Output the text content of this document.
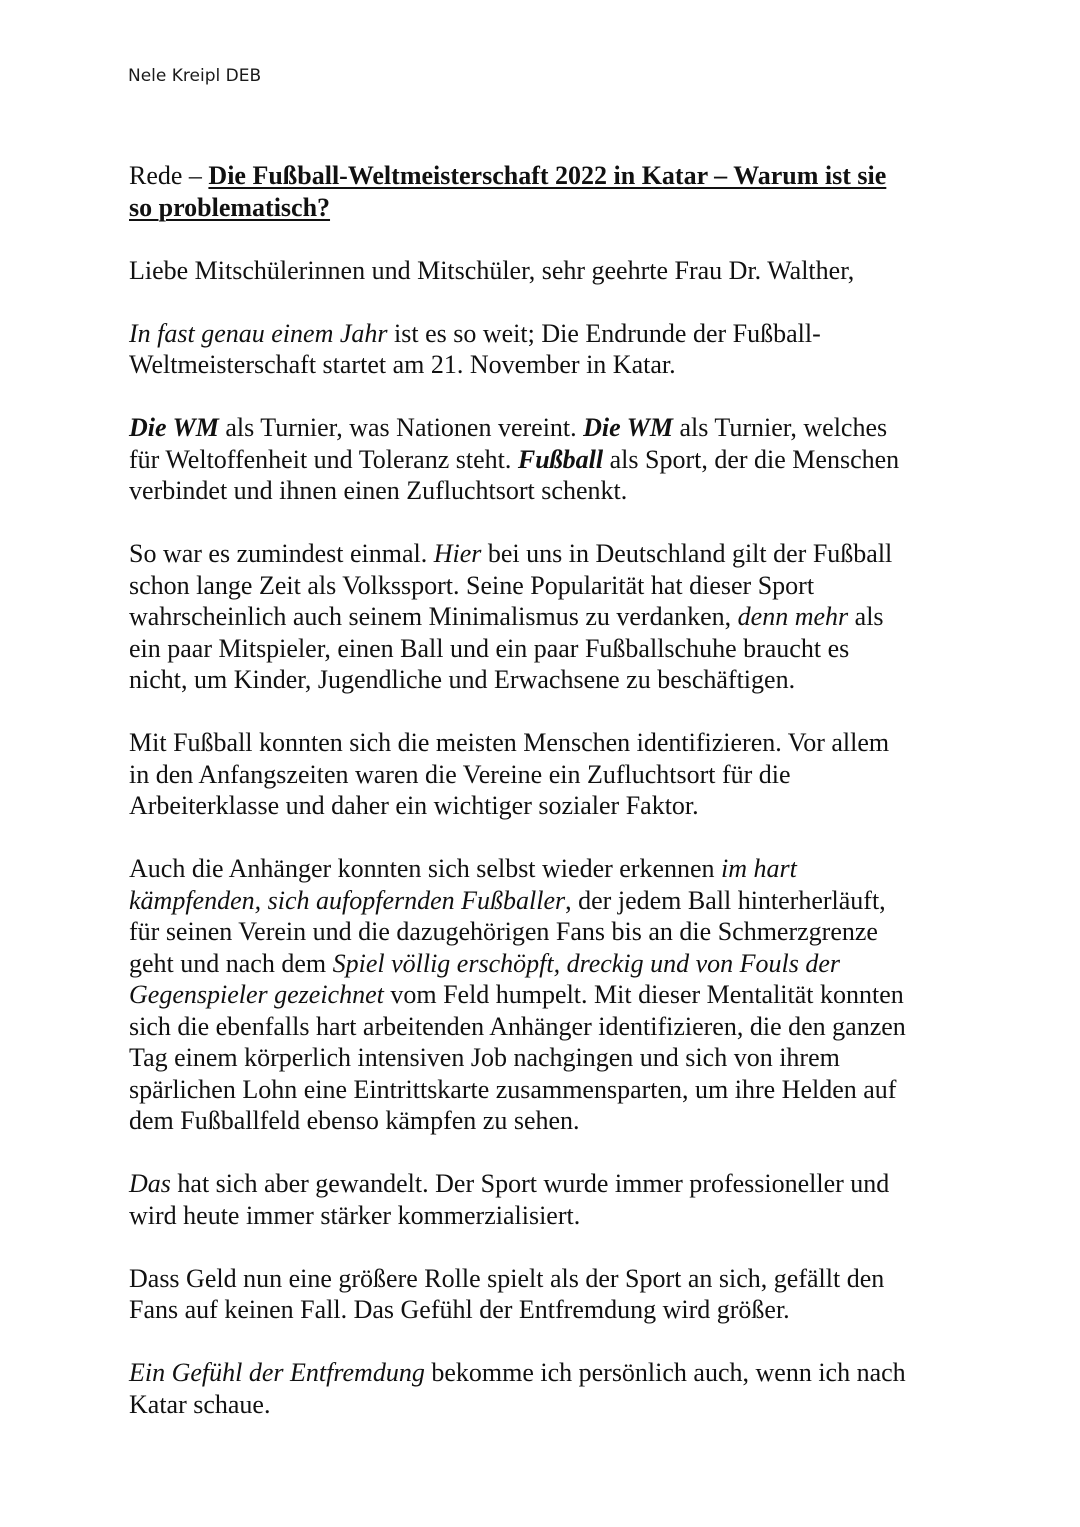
Nele Kreipl DEB

Rede – Die Fußball-Weltmeisterschaft 2022 in Katar – Warum ist sie
so problematisch?

Liebe Mitschülerinnen und Mitschüler, sehr geehrte Frau Dr. Walther,

In fast genau einem Jahr ist es so weit; Die Endrunde der Fußball-
Weltmeisterschaft startet am 21. November in Katar.

Die WM als Turnier, was Nationen vereint. Die WM als Turnier, welches
für Weltoffenheit und Toleranz steht. Fußball als Sport, der die Menschen
verbindet und ihnen einen Zufluchtsort schenkt.

So war es zumindest einmal. Hier bei uns in Deutschland gilt der Fußball
schon lange Zeit als Volkssport. Seine Popularität hat dieser Sport
wahrscheinlich auch seinem Minimalismus zu verdanken, denn mehr als
ein paar Mitspieler, einen Ball und ein paar Fußballschuhe braucht es
nicht, um Kinder, Jugendliche und Erwachsene zu beschäftigen.

Mit Fußball konnten sich die meisten Menschen identifizieren. Vor allem
in den Anfangszeiten waren die Vereine ein Zufluchtsort für die
Arbeiterklasse und daher ein wichtiger sozialer Faktor.

Auch die Anhänger konnten sich selbst wieder erkennen im hart
kämpfenden, sich aufopfernden Fußballer, der jedem Ball hinterherläuft,
für seinen Verein und die dazugehörigen Fans bis an die Schmerzgrenze
geht und nach dem Spiel völlig erschöpft, dreckig und von Fouls der
Gegenspieler gezeichnet vom Feld humpelt. Mit dieser Mentalität konnten
sich die ebenfalls hart arbeitenden Anhänger identifizieren, die den ganzen
Tag einem körperlich intensiven Job nachgingen und sich von ihrem
spärlichen Lohn eine Eintrittskarte zusammensparten, um ihre Helden auf
dem Fußballfeld ebenso kämpfen zu sehen.

Das hat sich aber gewandelt. Der Sport wurde immer professioneller und
wird heute immer stärker kommerzialisiert.

Dass Geld nun eine größere Rolle spielt als der Sport an sich, gefällt den
Fans auf keinen Fall. Das Gefühl der Entfremdung wird größer.

Ein Gefühl der Entfremdung bekomme ich persönlich auch, wenn ich nach
Katar schaue.
